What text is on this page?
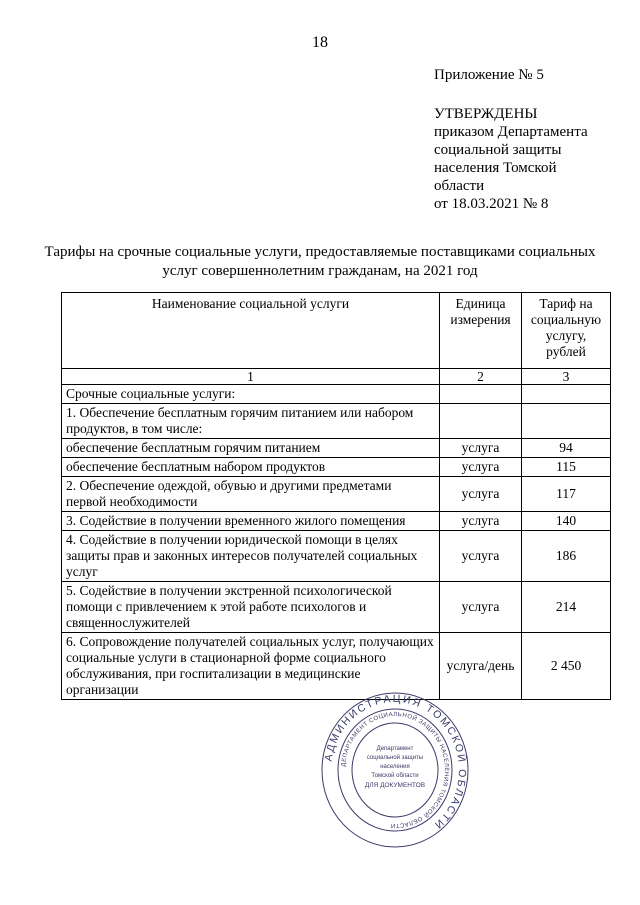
18
Приложение № 5
УТВЕРЖДЕНЫ
приказом Департамента
социальной защиты
населения Томской
области
от 18.03.2021 № 8
Тарифы на срочные социальные услуги, предоставляемые поставщиками социальных услуг совершеннолетним гражданам, на 2021 год
Наименование социальной услуги	Единица измерения	Тариф на социальную услугу, рублей
1	2	3
Срочные социальные услуги:		
1. Обеспечение бесплатным горячим питанием или набором продуктов, в том числе:		
обеспечение бесплатным горячим питанием	услуга	94
обеспечение бесплатным набором продуктов	услуга	115
2. Обеспечение одеждой, обувью и другими предметами первой необходимости	услуга	117
3. Содействие в получении временного жилого помещения	услуга	140
4. Содействие в получении юридической помощи в целях защиты прав и законных интересов получателей социальных услуг	услуга	186
5. Содействие в получении экстренной психологической помощи с привлечением к этой работе психологов и священнослужителей	услуга	214
6. Сопровождение получателей социальных услуг, получающих социальные услуги в стационарной форме социального обслуживания, при госпитализации в медицинские организации	услуга/день	2 450
АДМИНИСТРАЦИЯ ТОМСКОЙ ОБЛАСТИ
ДЕПАРТАМЕНТ СОЦИАЛЬНОЙ ЗАЩИТЫ НАСЕЛЕНИЯ ТОМСКОЙ ОБЛАСТИ
Департамент
социальной защиты
населения
Томской области
ДЛЯ ДОКУМЕНТОВ
